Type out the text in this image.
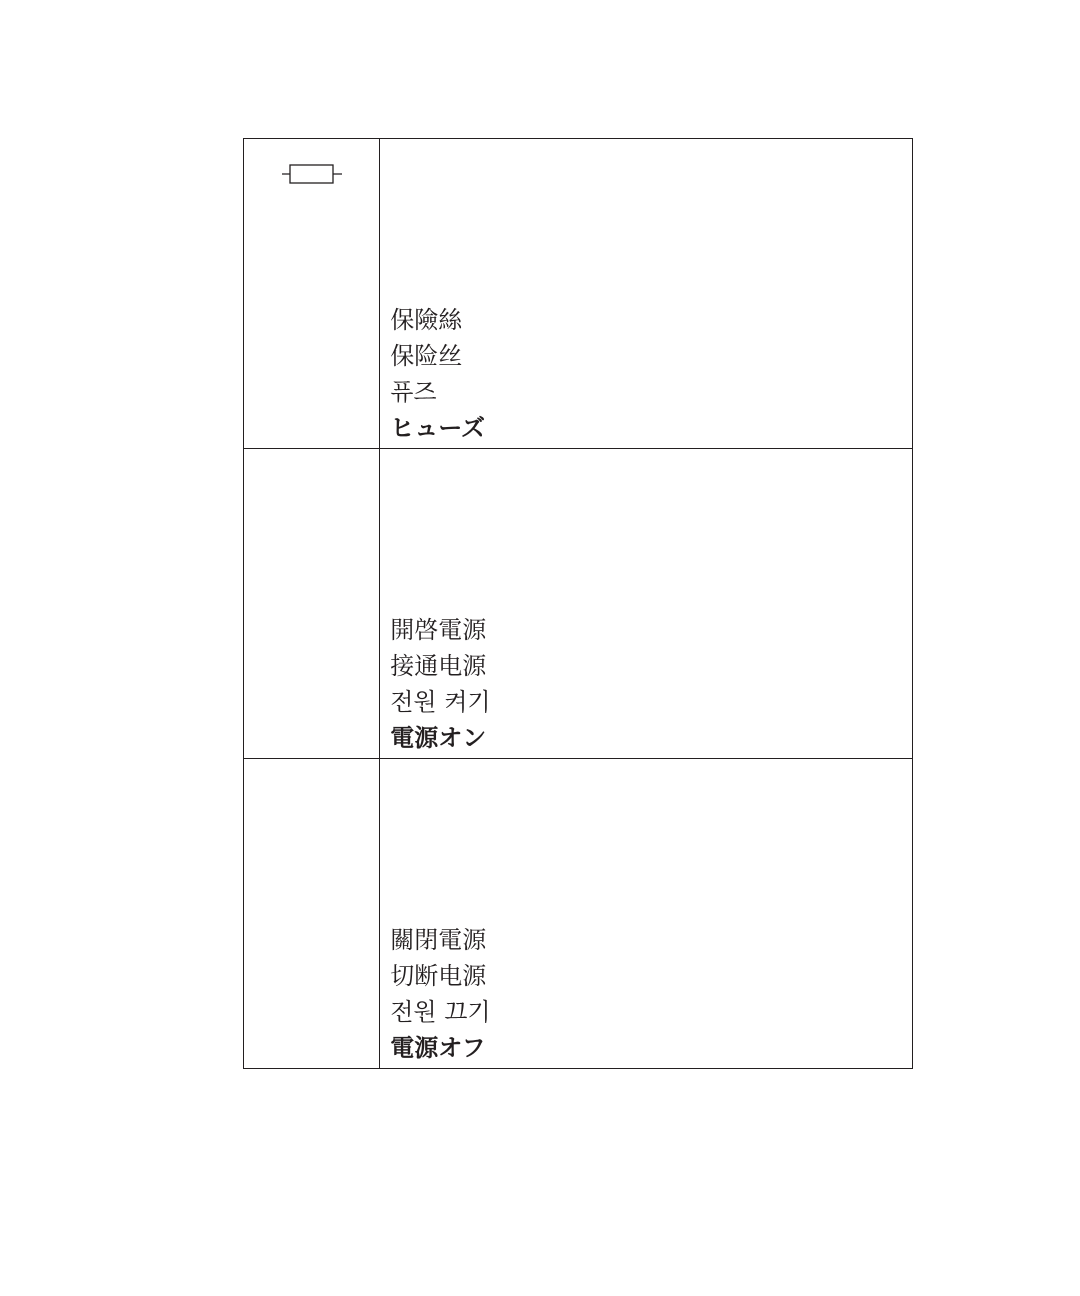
保險絲
保险丝
퓨즈
ヒューズ

	開啓電源
接通电源
전원 켜기
電源オン

	關閉電源
切断电源
전원 끄기
電源オフ
